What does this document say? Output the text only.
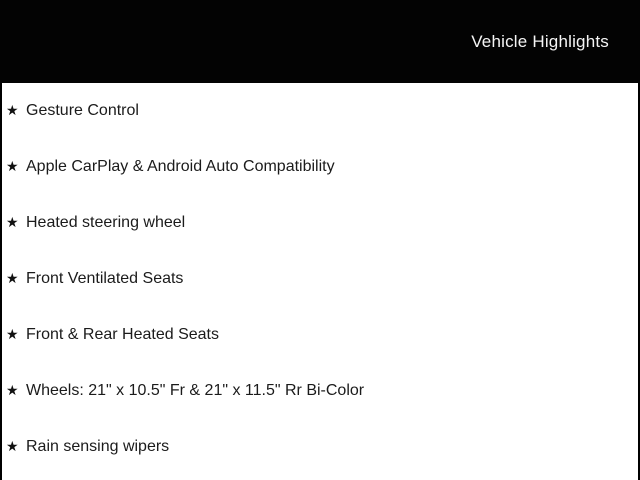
Vehicle Highlights
★ Gesture Control
★ Apple CarPlay & Android Auto Compatibility
★ Heated steering wheel
★ Front Ventilated Seats
★ Front & Rear Heated Seats
★ Wheels: 21" x 10.5" Fr & 21" x 11.5" Rr Bi-Color
★ Rain sensing wipers
